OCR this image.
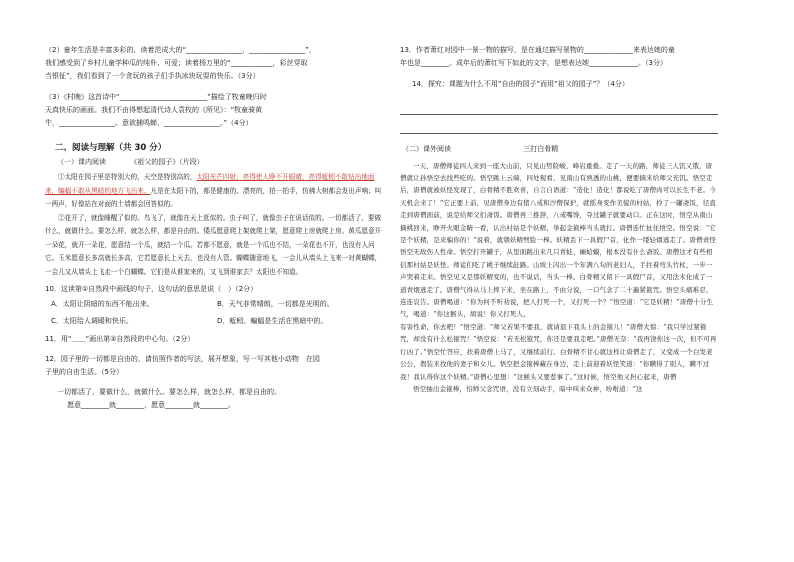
（2）童年生活是丰富多彩的，读着范成大的“________________，________________”，

我们感受到了乡村儿童学种瓜的纯朴、可爱；读着杨万里的“____________，彩丝穿取

当银钲”，我们看到了一个贪玩的孩子们手执冰块玩耍的快乐。（3分）

（3）《村晚》这首诗中“_________________________”描绘了牧童晚归时

天真快乐的画面。我们不由得想起清代诗人袁枚的《所见》：“牧童骑黄

牛，________________。意欲捕鸣蝉，________________。”（4分）

二、阅读与理解（共 30 分）
（一）课内阅读	《祖父的园子》（片段）

①太阳在园子里是特别大的，天空是特别高的，太阳光芒四射，亮得使人睁不开眼睛，亮得蚯蚓不敢钻出地面来，蝙蝠不敢从黑暗的地方飞出来。凡是在太阳下的，都是健康的、漂亮的，拍一拍手，仿佛大树都会发出声响；叫一两声，好像站在对面的土墙都会回答似的。

②花开了，就像睡醒了似的。鸟飞了，就像在天上逛似的。虫子叫了，就像虫子在说话似的。一切都活了，要做什么，就做什么。要怎么样，就怎么样，都是自由的。倭瓜愿意爬上架就爬上架，愿意爬上房就爬上房。黄瓜愿意开一朵花，就开一朵花，愿意结一个瓜，就结一个瓜。若都不愿意，就是一个瓜也不结，一朵花也不开，也没有人问它。玉米愿意长多高就长多高，它若愿意长上天去，也没有人管。蝴蝶随意地飞，一会儿从墙头上飞来一对黄蝴蝶，一会儿又从墙头上飞走一个白蝴蝶。它们是从谁家来的，又飞到谁家去？太阳也不知道。

10．这读第①自然段中画线的句子，这句话的意思是说（　）（2分）

A．太阳让阴暗的东西不能出来。	B．天气非常晴朗，一切都是光明的。
C．太阳给人调暖和快乐。	D．蚯蚓、蝙蝠是生活在黑暗中的。

11．用“﹏﹏”画出第②自然段的中心句。（2分）

12．园子里的一切都是自由的，请仿照作者的写法，展开想象，写一写其他小动物　在园

子里的自由生活。（5分）

一切都活了，要做什么，就做什么。要怎么样，就怎么样，都是自由的。

愿意________就________，愿意________就________。

13．作者萧红对园中一景一物的描写，是在通过描写景物的______________来表达她的童

年也是________。成年后的萧红写下如此的文字，是想表达她______________。（3分）

14．探究：课题为什么不用“自由的园子”而用“祖父的园子”？（4分）

（二）课外阅读	三打白骨精

一天，唐僧师徒四人来到一座大山前，只见山势险峻，峰岩重叠。走了一天的路，师徒三人饥又饿，唐僧就让孙悟空去找些吃的。悟空跳上云端，四处观看，见南山有熟透的山桃，便要摘来给师父充饥。悟空走后，唐僧就被妖怪发现了，白骨精不胜欢喜，自言自语道：“造化！造化！都说吃了唐僧肉可以长生不老。今天机会来了！”它正要上前，见唐僧身边有猪八戒和沙僧保护，就摇身变作美貌的村姑，拎了一罐斋饭，径直走到唐僧面前，说是给师父们斋饭。唐僧再三推辞，八戒嘴馋，夺过罐子就要动口。正在这时，悟空从南山摘桃回来，睁开火眼金睛一看，认出村姑是个妖精，举起金箍棒当头就打。唐僧连忙扯住悟空。悟空说：“它是个妖精，是来骗你的！”说着，就朝妖精劈脸一棒。妖精丢下一具假尸首，化作一缕轻烟逃走了。唐僧责怪悟空无故伤人性命。悟空打开罐子，从里面跳出来几只青蛙、癞蛤蟆，根本没有什么斋饭。唐僧这才有些相信那村姑是妖怪。师徒们吃了桃子继续赶路。山坡上闪出一个年满八旬的老妇人，手拄着弯头竹杖，一步一声哭着走来。悟空见又是那妖精变的，也不说话，当头一棒。白骨精又留下一具假尸首，又用法术化成了一道青烟逃走了。唐僧气得从马上摔下来，坐在路上，不由分说，一口气念了二十遍紧箍咒。悟空头痛难忍，连连哀告。唐僧喝道：“你为何不听劝说，把人打死一个，又打死一个？”悟空道：“它是妖精！”唐僧十分生气，喝道：“你这猴头，胡说！你又打死人，

有害性命，你去吧！”悟空道：“师父若果不要我，就请退下我头上的金箍儿！”唐僧大惊：“我只学过紧箍咒，却没有什么松箍咒！”悟空说：“若无松箍咒，你还是要我走吧。”唐僧无奈：“我再饶你这一次，但不可再行凶了。”悟空忙答应，扶着唐僧上马了，又继续前行。白骨精不甘心就这样让唐僧走了，又变成一个白发老公公，假装来找他的妻子和女儿。悟空把金箍棒藏在身边，走上前迎着妖怪笑道：“你瞒得了别人，瞒不过我！我认得你这个妖精。”唐僧心里想：“这猴头又要惹事了。”这时候，悟空他又担心起来，唐僧

悟空抽出金箍棒，怕师父念咒语，没有立刻动手，暗中叫来众神，吩咐道：“这
